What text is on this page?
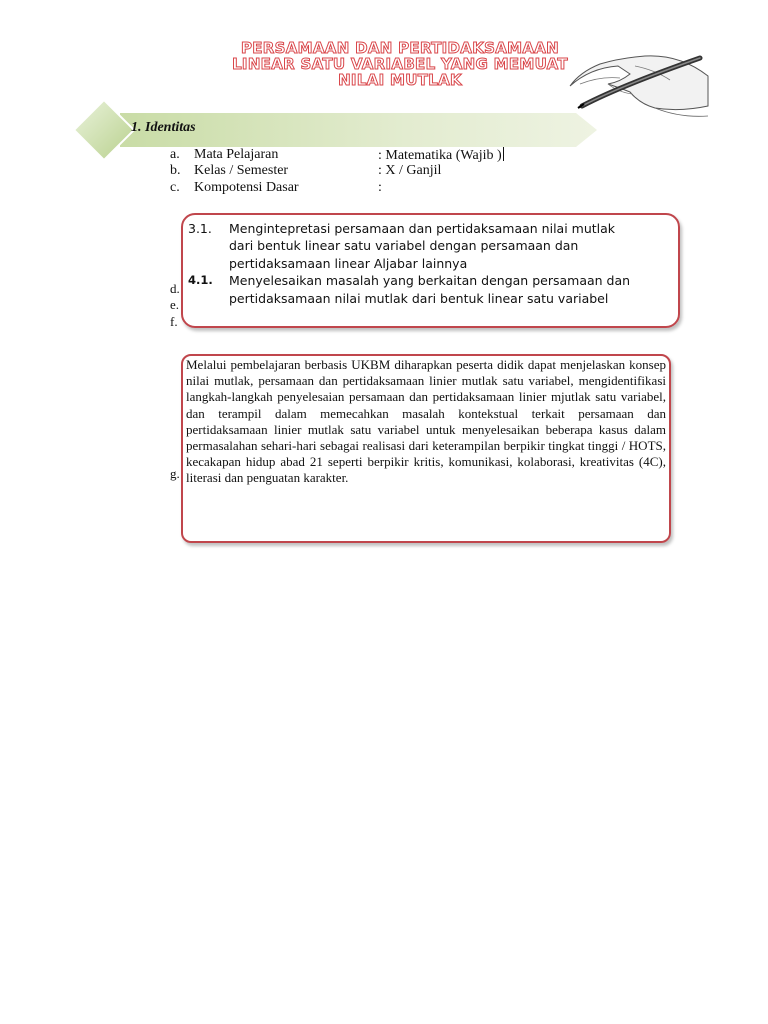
PERSAMAAN DAN PERTIDAKSAMAAN
LINEAR SATU VARIABEL YANG MEMUAT
NILAI MUTLAK
1. Identitas
a. Mata Pelajaran	: Matematika (Wajib )
b. Kelas / Semester	: X / Ganjil
c. Kompotensi Dasar	:
3.1. Mengintepretasi persamaan dan pertidaksamaan nilai mutlak
dari bentuk linear satu variabel dengan persamaan dan
pertidaksamaan linear Aljabar lainnya
4.1. Menyelesaikan masalah yang berkaitan dengan persamaan dan
pertidaksamaan nilai mutlak dari bentuk linear satu variabel
d.
e.
f.
g.
Melalui pembelajaran berbasis UKBM diharapkan peserta didik dapat menjelaskan konsep nilai mutlak, persamaan dan pertidaksamaan linier mutlak satu variabel, mengidentifikasi langkah-langkah penyelesaian persamaan dan pertidaksamaan linier mjutlak satu variabel, dan terampil dalam memecahkan masalah kontekstual terkait persamaan dan pertidaksamaan linier mutlak satu variabel untuk menyelesaikan beberapa kasus dalam permasalahan sehari-hari sebagai realisasi dari keterampilan berpikir tingkat tinggi / HOTS, kecakapan hidup abad 21 seperti berpikir kritis, komunikasi, kolaborasi, kreativitas (4C), literasi dan penguatan karakter.
